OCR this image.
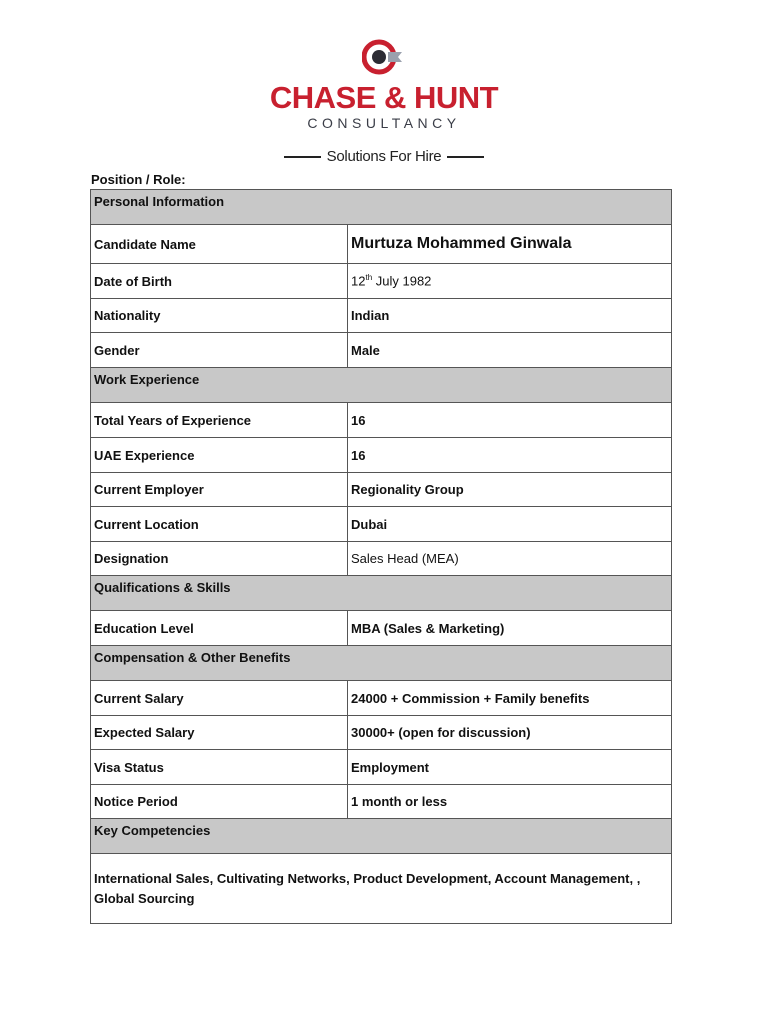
CHASE & HUNT
CONSULTANCY
Solutions For Hire
Position / Role:
Personal Information	
Candidate Name	Murtuza Mohammed Ginwala
Date of Birth	12th July 1982
Nationality	Indian
Gender	Male
Work Experience	
Total Years of Experience	16
UAE Experience	16
Current Employer	Regionality Group
Current Location	Dubai
Designation	Sales Head (MEA)
Qualifications & Skills	
Education Level	MBA (Sales & Marketing)
Compensation & Other Benefits	
Current Salary	24000 + Commission + Family benefits
Expected Salary	30000+ (open for discussion)
Visa Status	Employment
Notice Period	1 month or less
Key Competencies	
International Sales, Cultivating Networks, Product Development, Account Management, , Global Sourcing	
